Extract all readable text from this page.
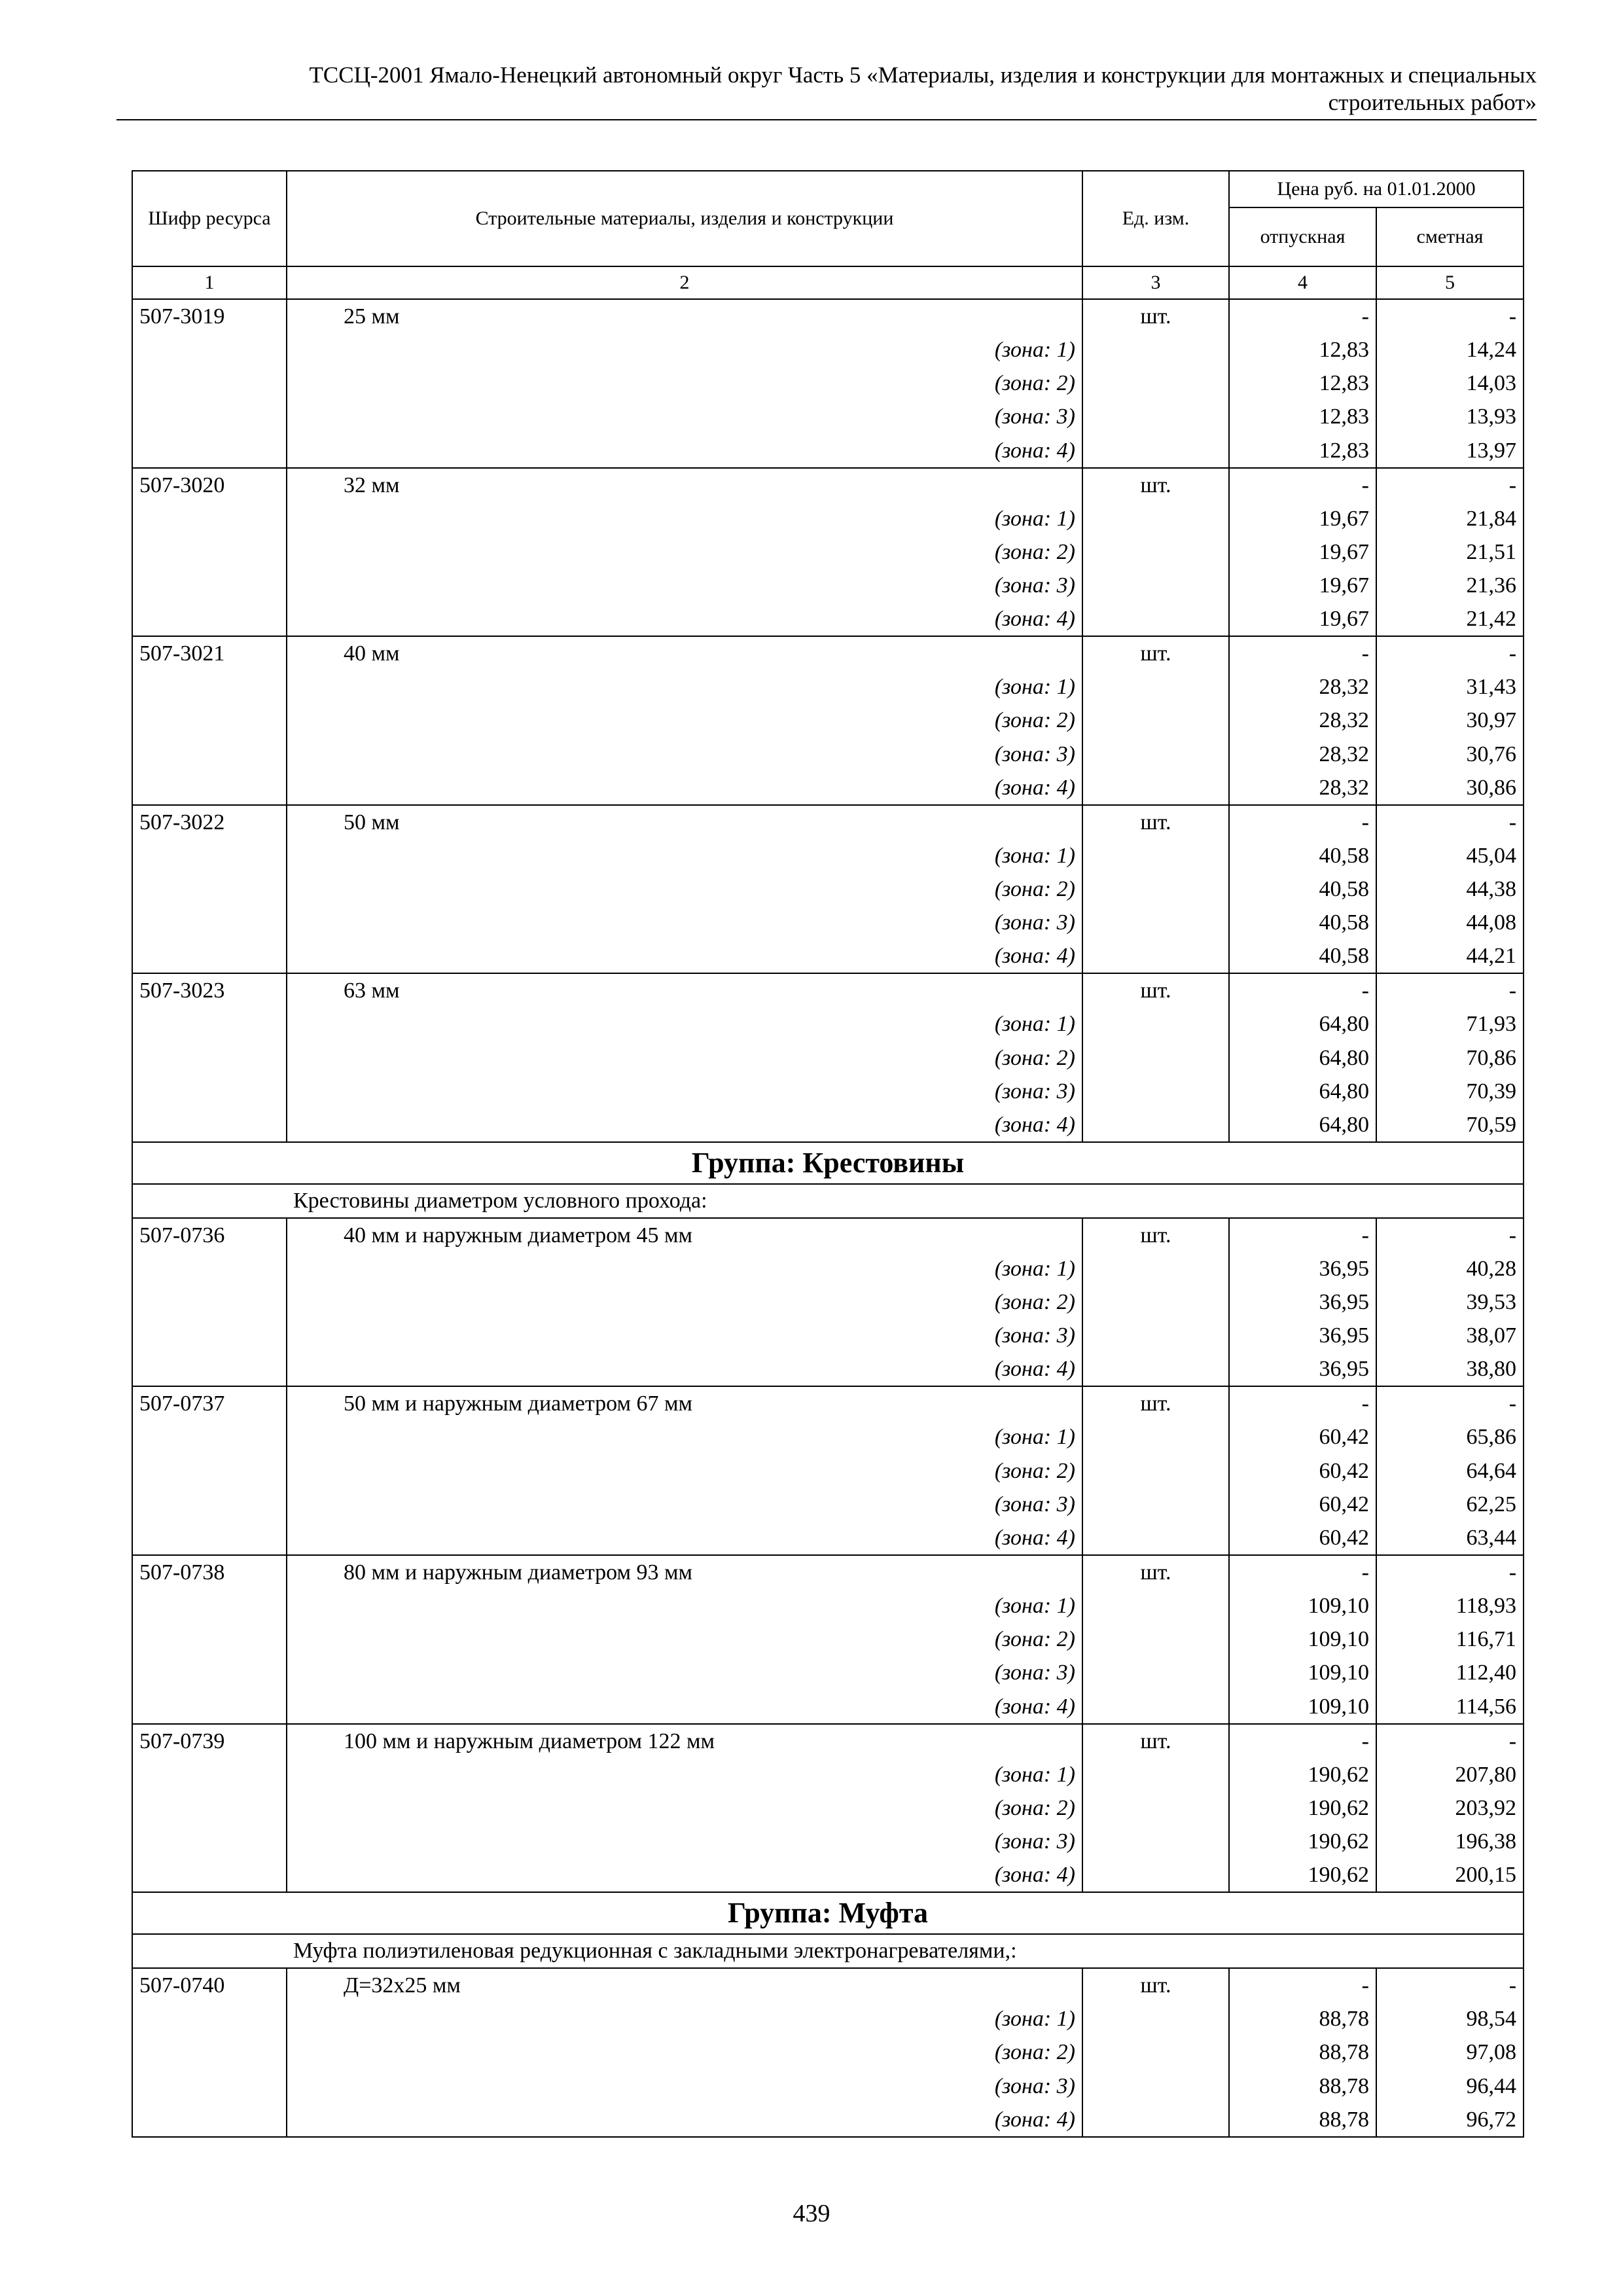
ТССЦ-2001 Ямало-Ненецкий автономный округ Часть 5 «Материалы, изделия и конструкции для монтажных и специальных
строительных работ»
Шифр ресурса	Строительные материалы, изделия и конструкции	Ед. изм.	Цена руб. на 01.01.2000	
			отпускная	сметная
1	2	3	4	5
507-3019	25 мм	шт.	-	-
	(зона: 1)		12,83	14,24
	(зона: 2)		12,83	14,03
	(зона: 3)		12,83	13,93
	(зона: 4)		12,83	13,97
507-3020	32 мм	шт.	-	-
	(зона: 1)		19,67	21,84
	(зона: 2)		19,67	21,51
	(зона: 3)		19,67	21,36
	(зона: 4)		19,67	21,42
507-3021	40 мм	шт.	-	-
	(зона: 1)		28,32	31,43
	(зона: 2)		28,32	30,97
	(зона: 3)		28,32	30,76
	(зона: 4)		28,32	30,86
507-3022	50 мм	шт.	-	-
	(зона: 1)		40,58	45,04
	(зона: 2)		40,58	44,38
	(зона: 3)		40,58	44,08
	(зона: 4)		40,58	44,21
507-3023	63 мм	шт.	-	-
	(зона: 1)		64,80	71,93
	(зона: 2)		64,80	70,86
	(зона: 3)		64,80	70,39
	(зона: 4)		64,80	70,59
Группа: Крестовины				
	Крестовины диаметром условного прохода:			
507-0736	40 мм и наружным диаметром 45 мм	шт.	-	-
	(зона: 1)		36,95	40,28
	(зона: 2)		36,95	39,53
	(зона: 3)		36,95	38,07
	(зона: 4)		36,95	38,80
507-0737	50 мм и наружным диаметром 67 мм	шт.	-	-
	(зона: 1)		60,42	65,86
	(зона: 2)		60,42	64,64
	(зона: 3)		60,42	62,25
	(зона: 4)		60,42	63,44
507-0738	80 мм и наружным диаметром 93 мм	шт.	-	-
	(зона: 1)		109,10	118,93
	(зона: 2)		109,10	116,71
	(зона: 3)		109,10	112,40
	(зона: 4)		109,10	114,56
507-0739	100 мм и наружным диаметром 122 мм	шт.	-	-
	(зона: 1)		190,62	207,80
	(зона: 2)		190,62	203,92
	(зона: 3)		190,62	196,38
	(зона: 4)		190,62	200,15
Группа: Муфта				
	Муфта полиэтиленовая редукционная с закладными электронагревателями,:			
507-0740	Д=32x25 мм	шт.	-	-
	(зона: 1)		88,78	98,54
	(зона: 2)		88,78	97,08
	(зона: 3)		88,78	96,44
	(зона: 4)		88,78	96,72
439
